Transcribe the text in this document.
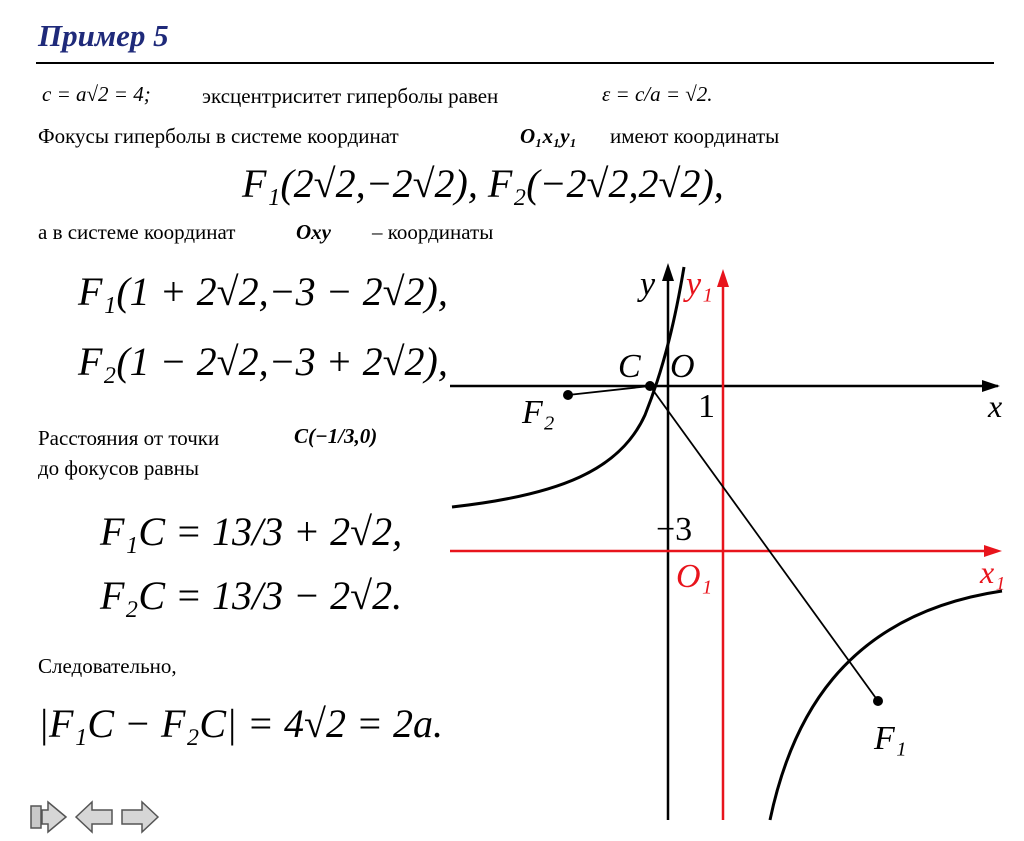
Пример 5
c = a√2 = 4; эксцентриситет гиперболы равен	ε = c/a = √2.
Фокусы гиперболы в системе координат	O₁x₁y₁ имеют координаты
F₁(2√2,−2√2), F₂(−2√2,2√2),
а в системе координат	Oxy – координаты
F₁(1 + 2√2,−3 − 2√2),
F₂(1 − 2√2,−3 + 2√2),
Расстояния от точки	C(−1/3,0)
до фокусов равны
F₁C = 13/3 + 2√2,
F₂C = 13/3 − 2√2.
Следовательно,
|F₁C − F₂C| = 4√2 = 2a.
y y₁
x
x₁
C O
O₁
1
−3
F₂
F₁
